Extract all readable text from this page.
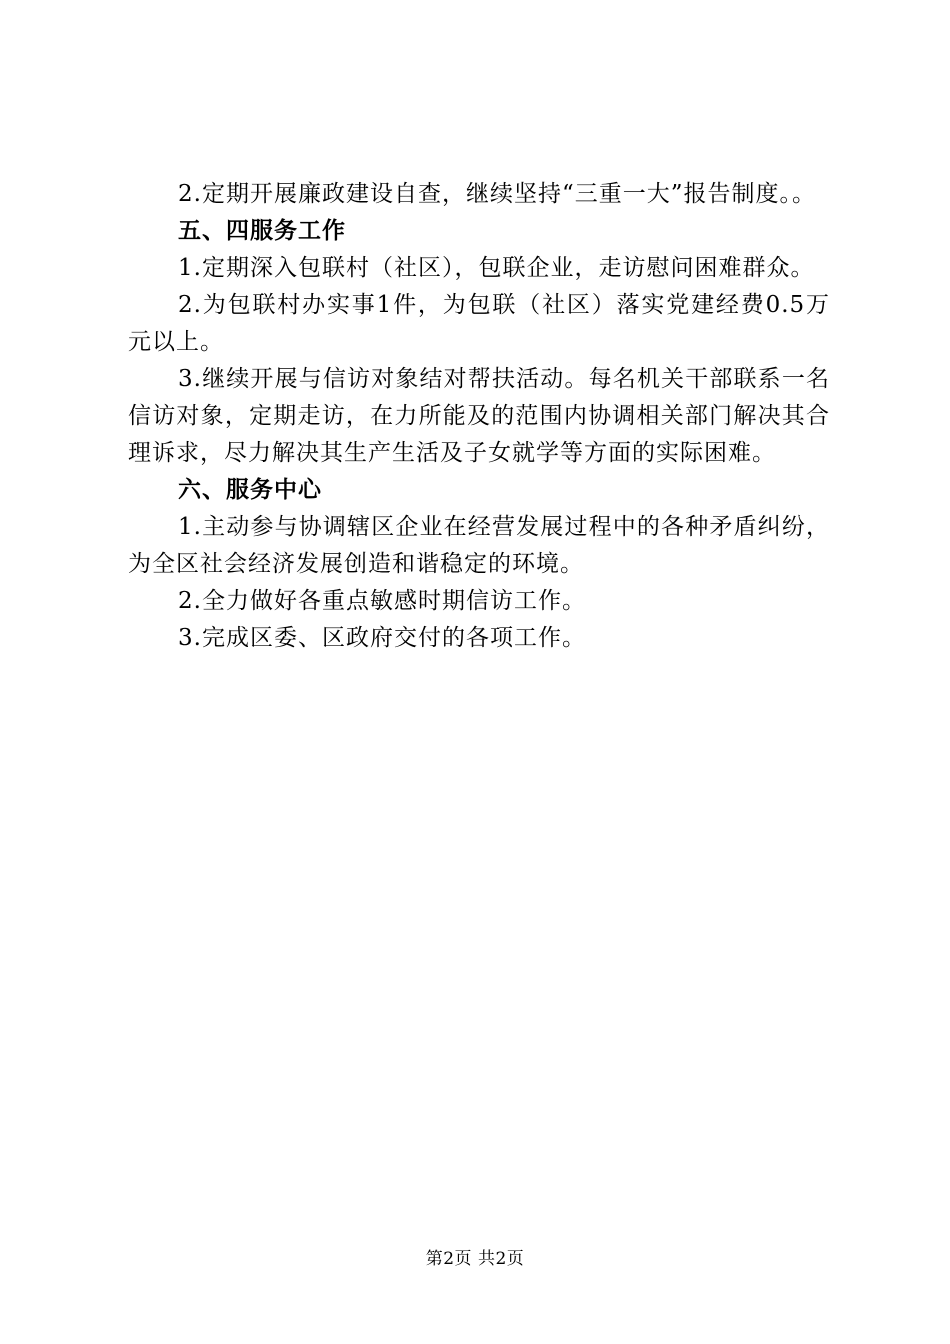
2.定期开展廉政建设自查，继续坚持“三重一大”报告制度。。

五、四服务工作

1.定期深入包联村（社区），包联企业，走访慰问困难群众。

2.为包联村办实事1件，为包联（社区）落实党建经费0.5万元以上。

3.继续开展与信访对象结对帮扶活动。每名机关干部联系一名信访对象，定期走访，在力所能及的范围内协调相关部门解决其合理诉求，尽力解决其生产生活及子女就学等方面的实际困难。

六、服务中心

1.主动参与协调辖区企业在经营发展过程中的各种矛盾纠纷，为全区社会经济发展创造和谐稳定的环境。

2.全力做好各重点敏感时期信访工作。

3.完成区委、区政府交付的各项工作。

第2页 共2页
